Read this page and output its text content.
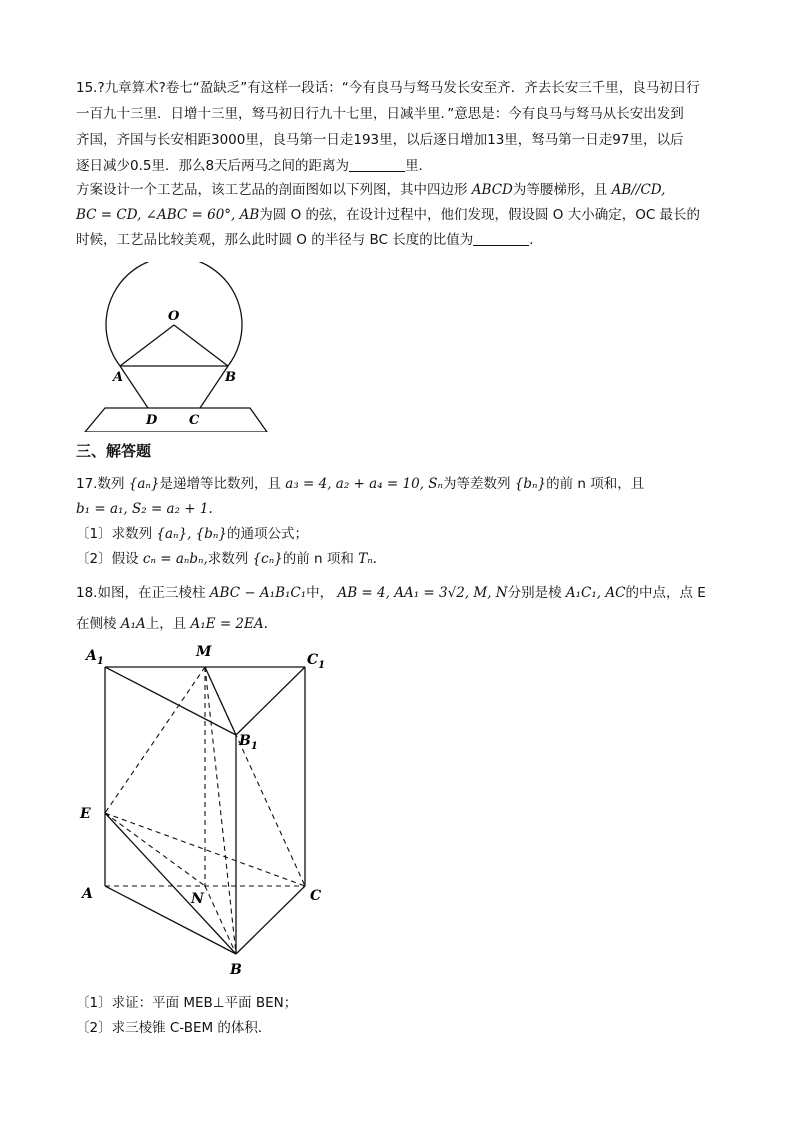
15.?九章算术?卷七“盈缺乏”有这样一段话：“今有良马与驽马发长安至齐．齐去长安三千里，良马初日行
一百九十三里．日增十三里，驽马初日行九十七里，日减半里．”意思是：今有良马与驽马从长安出发到
齐国，齐国与长安相距3000里，良马第一日走193里，以后逐日增加13里，驽马第一日走97里，以后
逐日减少0.5里．那么8天后两马之间的距离为	里．
方案设计一个工艺品，该工艺品的剖面图如以下列图，其中四边形 ABCD为等腰梯形，且 AB//CD,
BC = CD, ∠ABC = 60°, AB为圆 O 的弦，在设计过程中，他们发现，假设圆 O 大小确定，OC 最长的
时候，工艺品比较美观，那么此时圆 O 的半径与 BC 长度的比值为	.
O
A	B
D C
三、解答题
17.数列 {aₙ}是递增等比数列，且 a₃ = 4, a₂ + a₄ = 10, Sₙ为等差数列 {bₙ}的前 n 项和，且
b₁ = a₁, S₂ = a₂ + 1.
〔1〕求数列 {aₙ}, {bₙ}的通项公式；
〔2〕假设 cₙ = aₙbₙ,求数列 {cₙ}的前 n 项和 Tₙ.
18.如图，在正三棱柱 ABC − A₁B₁C₁中， AB = 4, AA₁ = 3√2, M, N分别是棱 A₁C₁, AC的中点，点 E
在侧棱 A₁A上，且 A₁E = 2EA.
$A_1$
M	$C_1$
$B_1$
E
A	N	C
B
〔1〕求证：平面 MEB⊥平面 BEN；
〔2〕求三棱锥 C-BEM 的体积．
